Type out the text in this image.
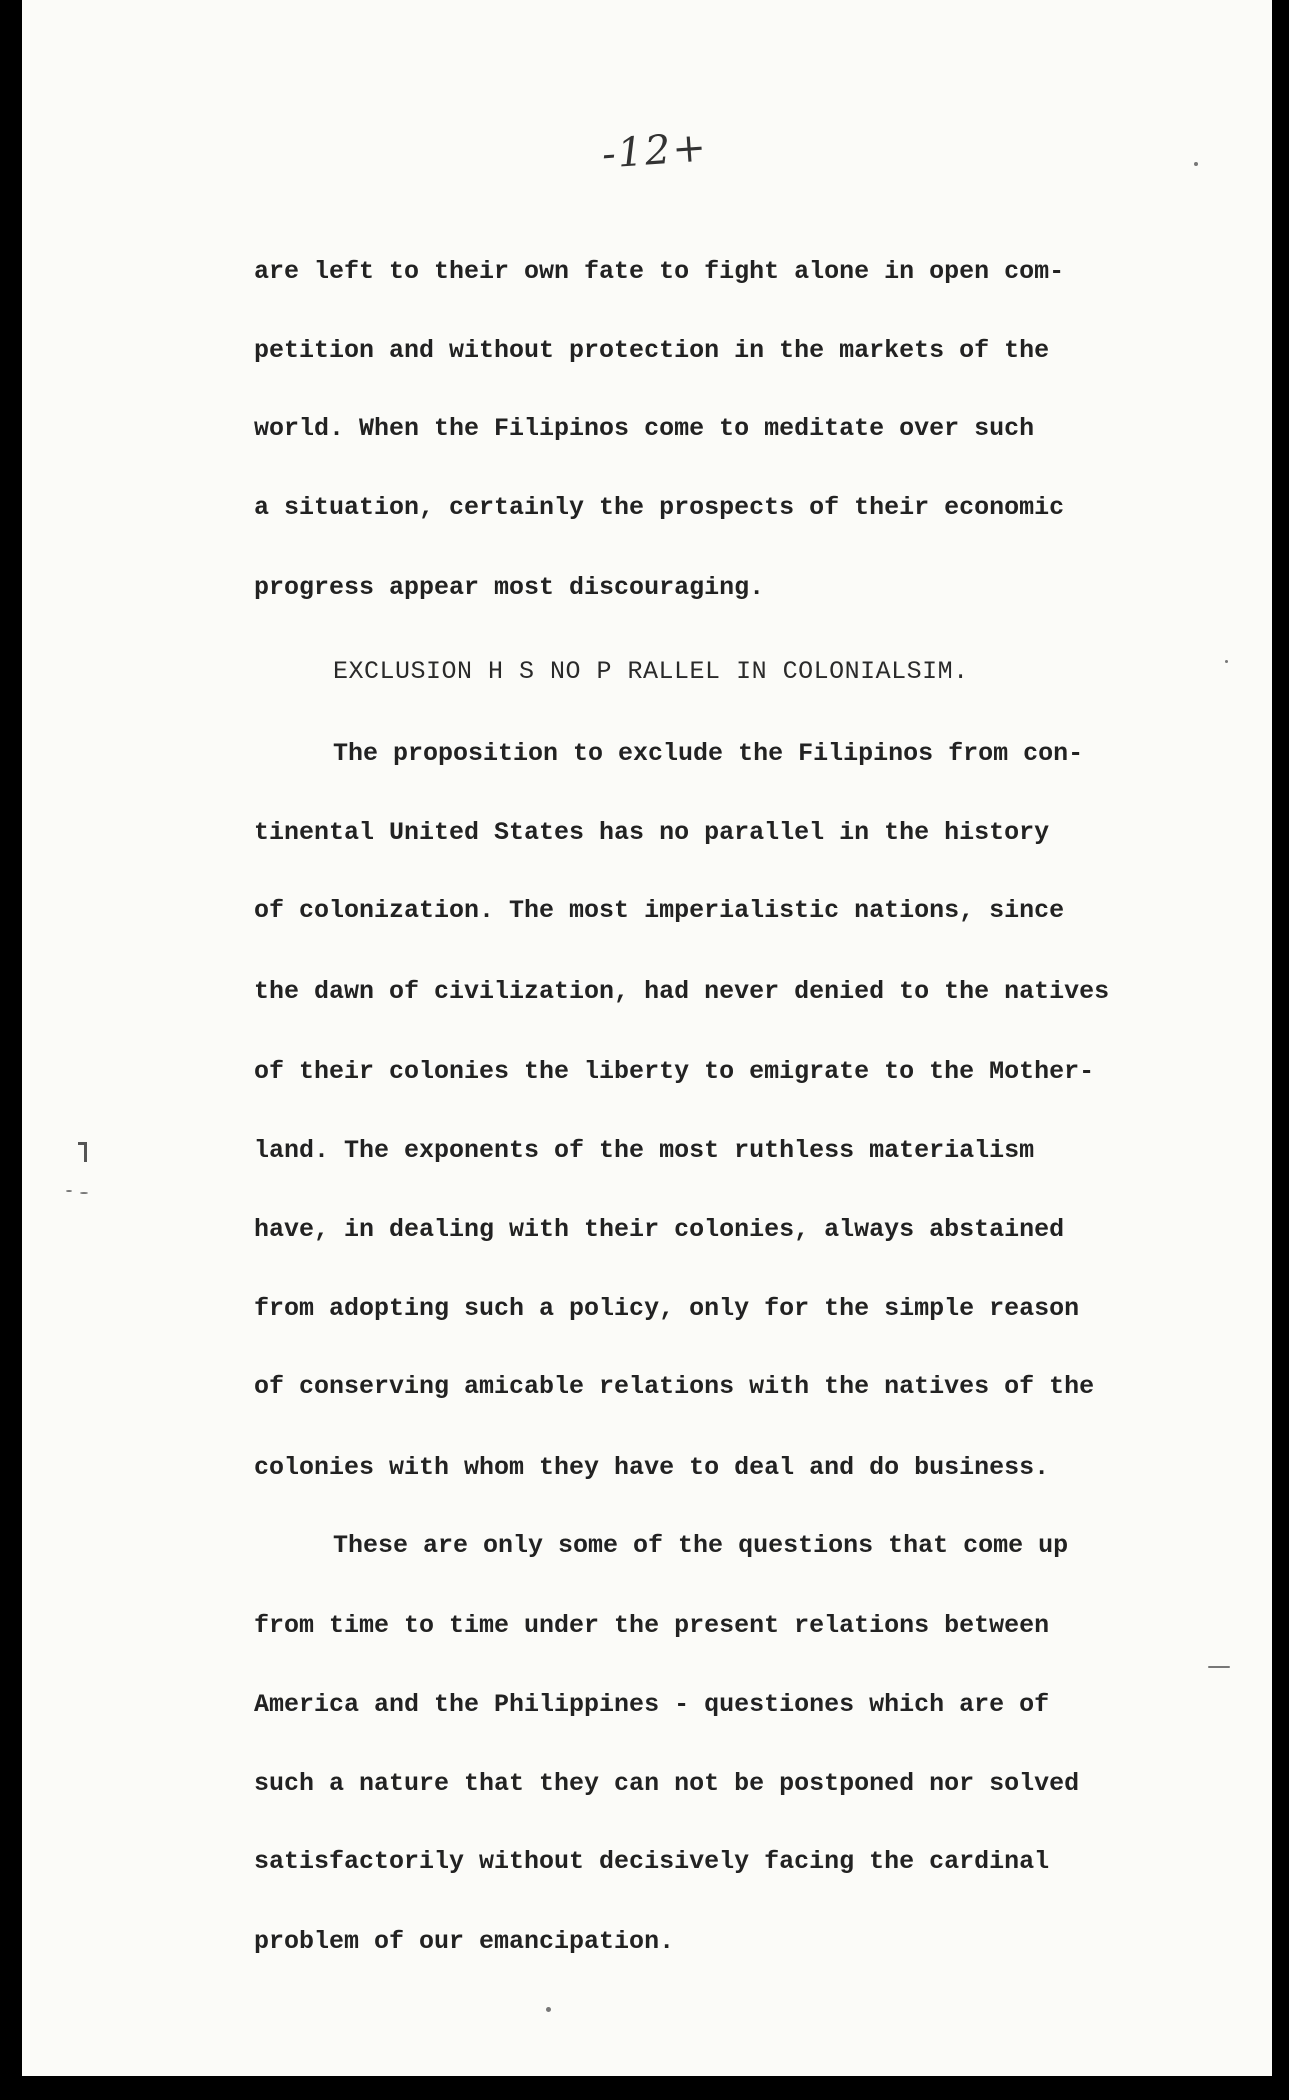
-12+
are left to their own fate to fight alone in open com-
petition and without protection in the markets of the
world. When the Filipinos come to meditate over such
a situation, certainly the prospects of their economic
progress appear most discouraging.
EXCLUSION H S NO P RALLEL IN COLONIALSIM.
The proposition to exclude the Filipinos from con-
tinental United States has no parallel in the history
of colonization. The most imperialistic nations, since
the dawn of civilization, had never denied to the natives
of their colonies the liberty to emigrate to the Mother-
land. The exponents of the most ruthless materialism
have, in dealing with their colonies, always abstained
from adopting such a policy, only for the simple reason
of conserving amicable relations with the natives of the
colonies with whom they have to deal and do business.
These are only some of the questions that come up
from time to time under the present relations between
America and the Philippines - questiones which are of
such a nature that they can not be postponed nor solved
satisfactorily without decisively facing the cardinal
problem of our emancipation.
